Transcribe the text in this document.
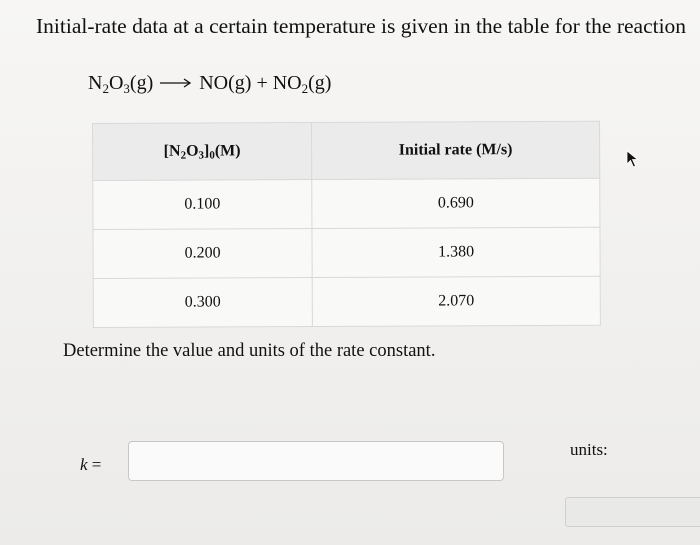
Initial-rate data at a certain temperature is given in the table for the reaction
$N_2O_3(g) \to NO(g) + NO_2(g)$
$[N_2O_3]_0(M)$	Initial rate (M/s)
0.100	0.690
0.200	1.380
0.300	2.070
Determine the value and units of the rate constant.
k =
units:
